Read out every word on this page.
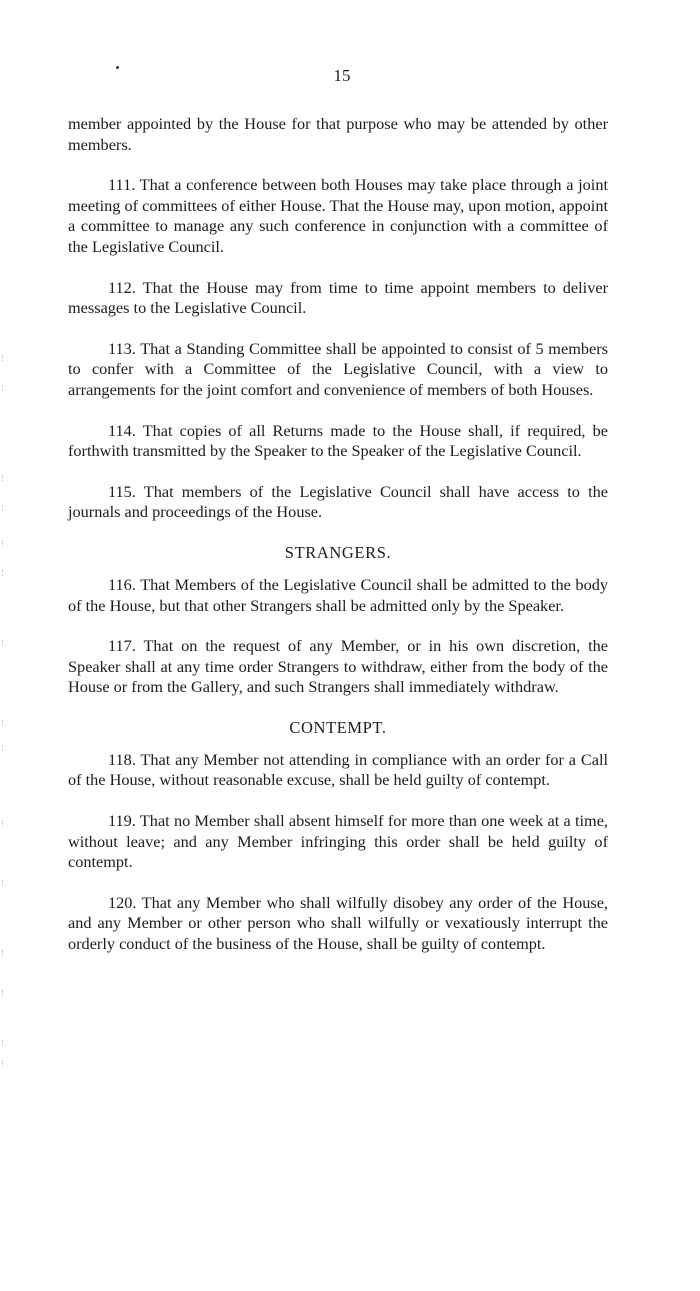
15

member appointed by the House for that purpose who may be attended by other members.

111. That a conference between both Houses may take place through a joint meeting of committees of either House. That the House may, upon motion, appoint a committee to manage any such conference in conjunction with a committee of the Legislative Council.

112. That the House may from time to time appoint members to deliver messages to the Legislative Council.

113. That a Standing Committee shall be appointed to consist of 5 members to confer with a Committee of the Legislative Council, with a view to arrangements for the joint comfort and convenience of members of both Houses.

114. That copies of all Returns made to the House shall, if required, be forthwith transmitted by the Speaker to the Speaker of the Legislative Council.

115. That members of the Legislative Council shall have access to the journals and proceedings of the House.

STRANGERS.

116. That Members of the Legislative Council shall be admitted to the body of the House, but that other Strangers shall be admitted only by the Speaker.

117. That on the request of any Member, or in his own discretion, the Speaker shall at any time order Strangers to withdraw, either from the body of the House or from the Gallery, and such Strangers shall immediately withdraw.

CONTEMPT.

118. That any Member not attending in compliance with an order for a Call of the House, without reasonable excuse, shall be held guilty of contempt.

119. That no Member shall absent himself for more than one week at a time, without leave; and any Member infringing this order shall be held guilty of contempt.

120. That any Member who shall wilfully disobey any order of the House, and any Member or other person who shall wilfully or vexatiously interrupt the orderly conduct of the business of the House, shall be guilty of contempt.
